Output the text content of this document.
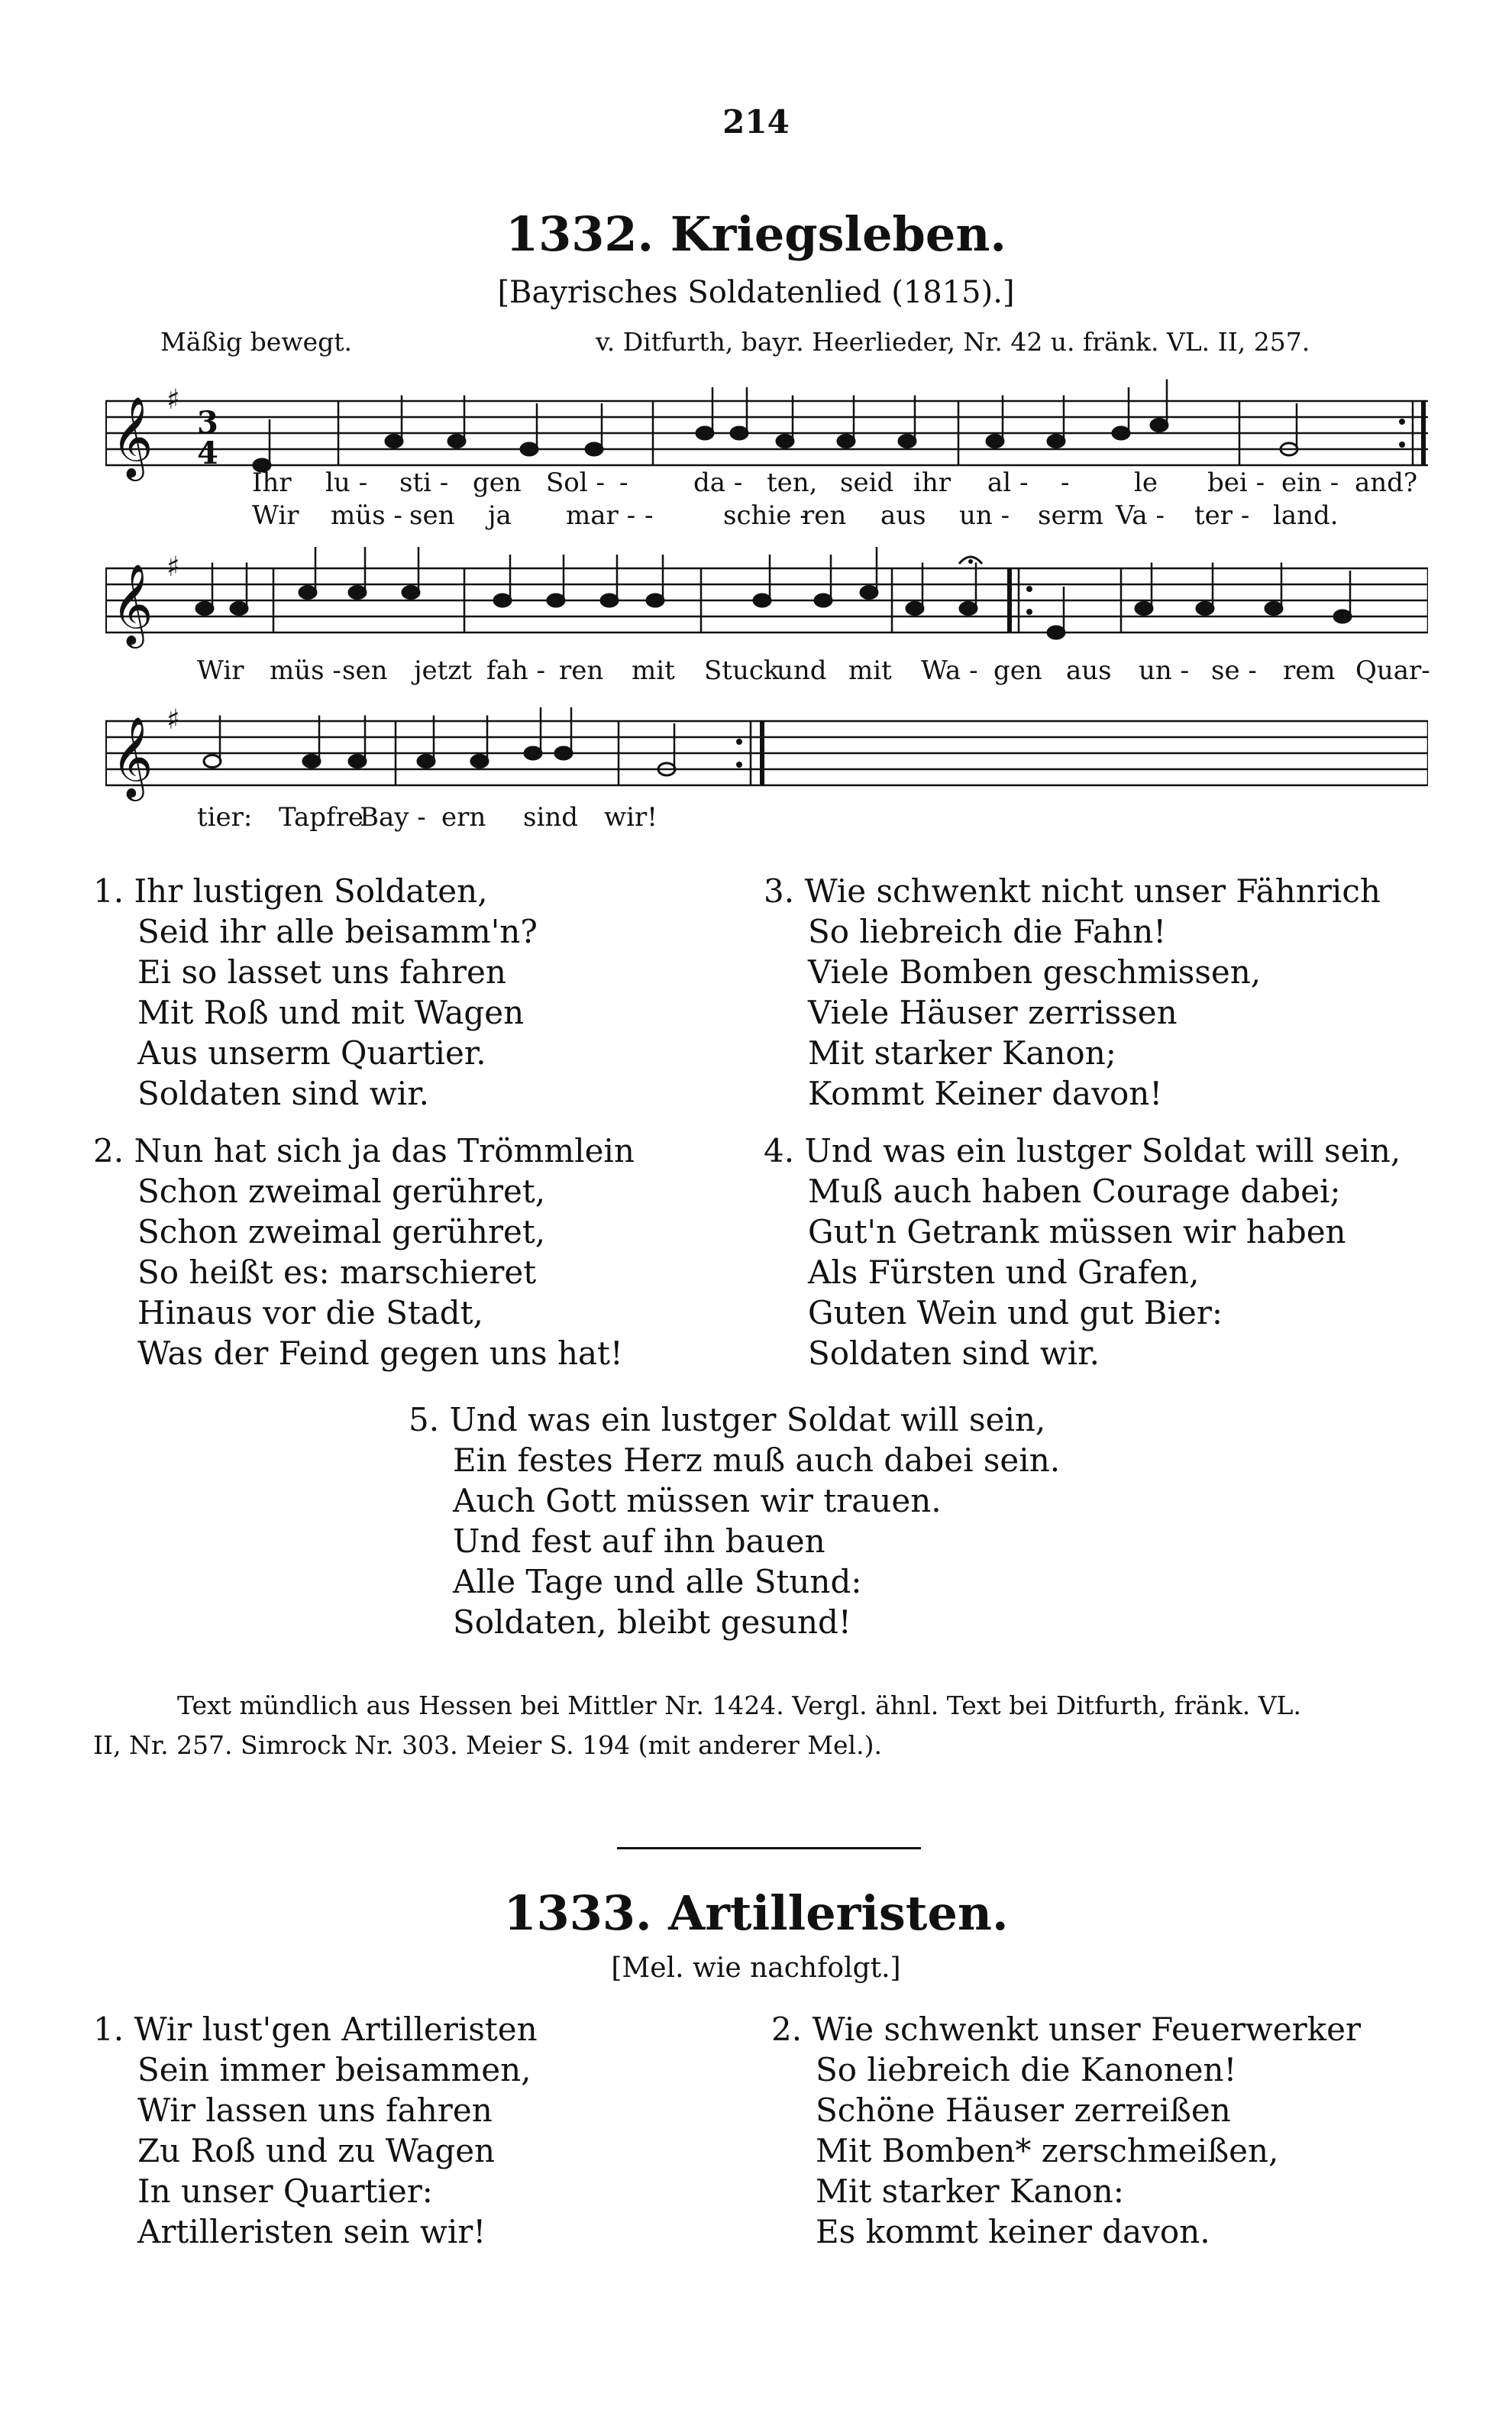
214
1332. Kriegsleben.
[Bayrisches Soldatenlied (1815).]
Mäßig bewegt.	v. Ditfurth, bayr. Heerlieder, Nr. 42 u. fränk. VL. II, 257.
𝄞 ♯
3
4
Ihr lu - sti - gen Sol - -	da - ten, seid ihr al - - le bei - ein - and?
Wir müs - sen ja mar - -	schie -
ren aus un - serm Va - ter - land.
𝄞 ♯
Wir müs - sen jetzt fah - ren mit Stuck
und mit Wa - gen aus un - se - rem Quar-
𝄞 ♯
tier: Tapfre
Bay - ern sind wir!
1. Ihr lustigen Soldaten,
Seid ihr alle beisamm'n?
Ei so lasset uns fahren
Mit Roß und mit Wagen
Aus unserm Quartier.
Soldaten sind wir.
2. Nun hat sich ja das Trömmlein
Schon zweimal gerühret,
Schon zweimal gerühret,
So heißt es: marschieret
Hinaus vor die Stadt,
Was der Feind gegen uns hat!
3. Wie schwenkt nicht unser Fähnrich
So liebreich die Fahn!
Viele Bomben geschmissen,
Viele Häuser zerrissen
Mit starker Kanon;
Kommt Keiner davon!
4. Und was ein lustger Soldat will sein,
Muß auch haben Courage dabei;
Gut'n Getrank müssen wir haben
Als Fürsten und Grafen,
Guten Wein und gut Bier:
Soldaten sind wir.
5. Und was ein lustger Soldat will sein,
Ein festes Herz muß auch dabei sein.
Auch Gott müssen wir trauen.
Und fest auf ihn bauen
Alle Tage und alle Stund:
Soldaten, bleibt gesund!
Text mündlich aus Hessen bei Mittler Nr. 1424. Vergl. ähnl. Text bei Ditfurth, fränk. VL.
II, Nr. 257. Simrock Nr. 303. Meier S. 194 (mit anderer Mel.).
1333. Artilleristen.
[Mel. wie nachfolgt.]
1. Wir lust'gen Artilleristen
Sein immer beisammen,
Wir lassen uns fahren
Zu Roß und zu Wagen
In unser Quartier:
Artilleristen sein wir!
2. Wie schwenkt unser Feuerwerker
So liebreich die Kanonen!
Schöne Häuser zerreißen
Mit Bomben* zerschmeißen,
Mit starker Kanon:
Es kommt keiner davon.
